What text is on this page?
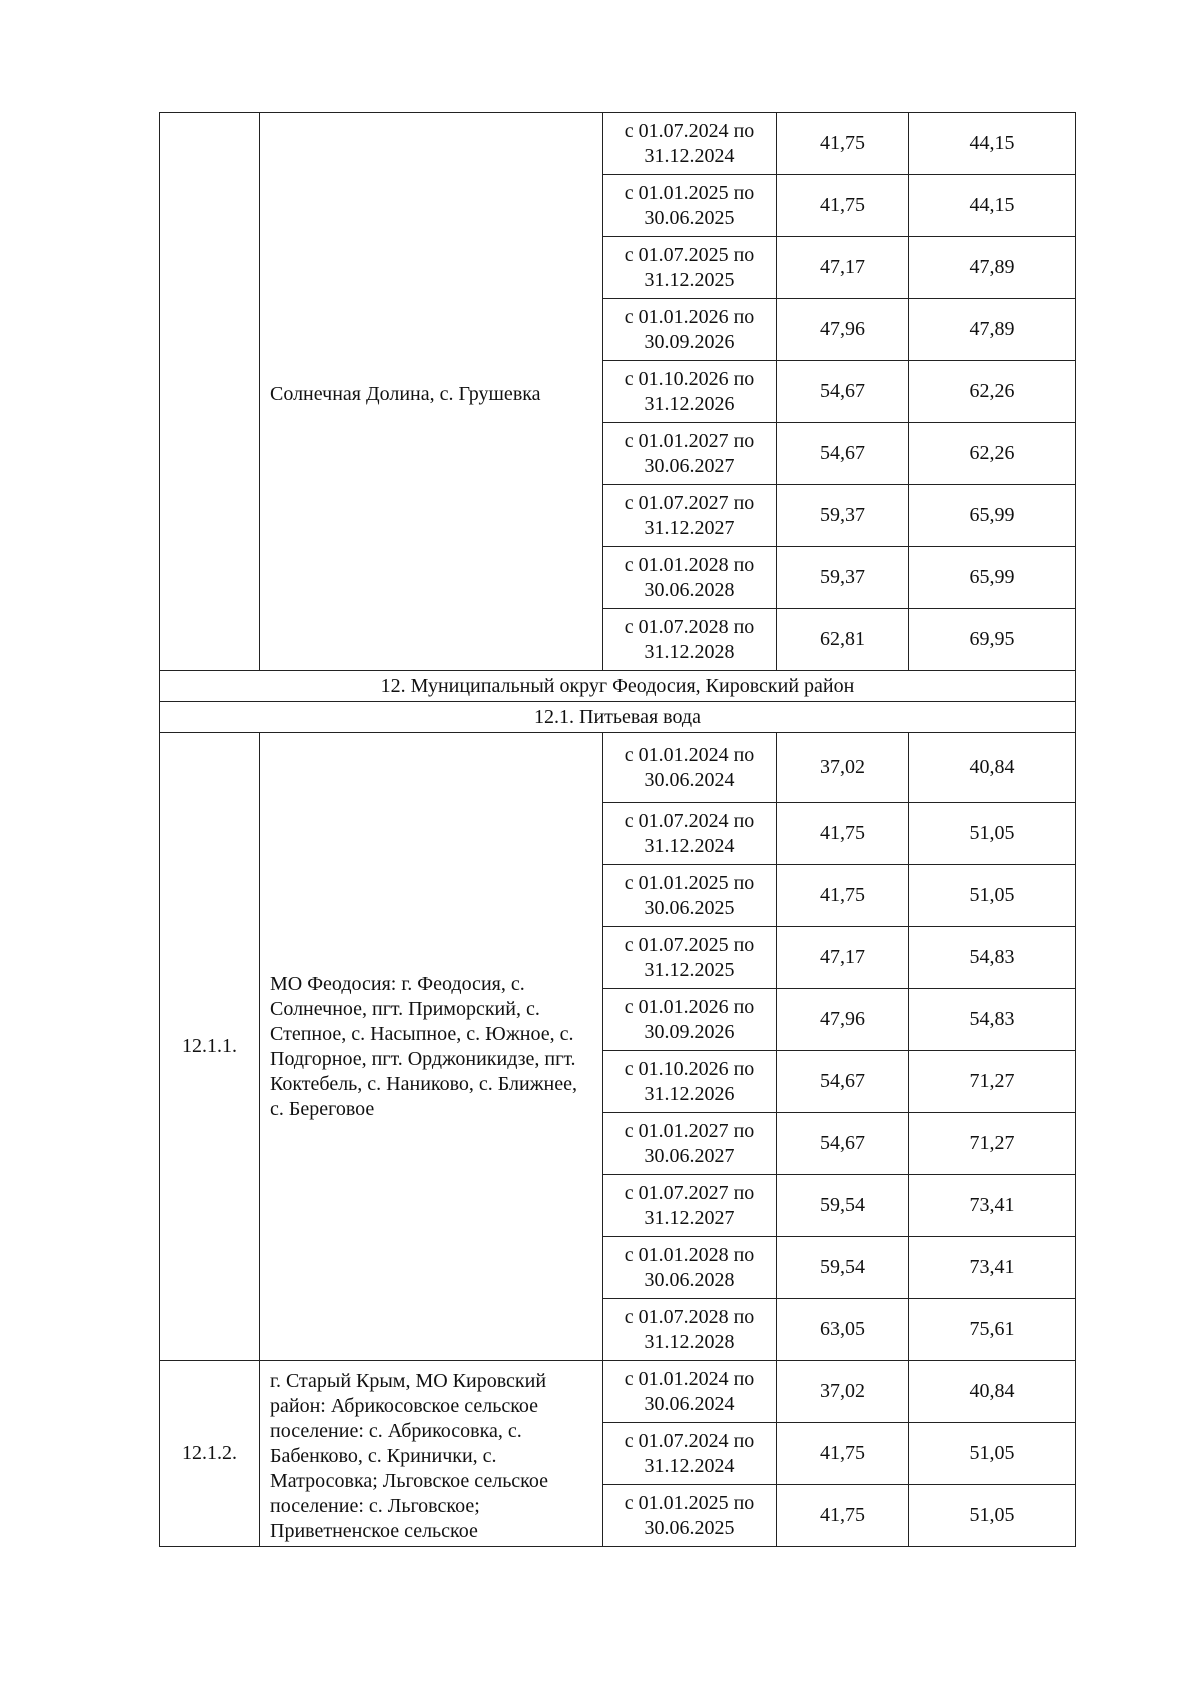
	Солнечная Долина, с. Грушевка	с 01.07.2024 по
31.12.2024	41,75	44,15

		с 01.01.2025 по
30.06.2025	41,75	44,15

		с 01.07.2025 по
31.12.2025	47,17	47,89

		с 01.01.2026 по
30.09.2026	47,96	47,89

		с 01.10.2026 по
31.12.2026	54,67	62,26

		с 01.01.2027 по
30.06.2027	54,67	62,26

		с 01.07.2027 по
31.12.2027	59,37	65,99

		с 01.01.2028 по
30.06.2028	59,37	65,99

		с 01.07.2028 по
31.12.2028	62,81	69,95
12. Муниципальный округ Феодосия, Кировский район				
12.1. Питьевая вода				
12.1.1.	МО Феодосия: г. Феодосия, с. Солнечное, пгт. Приморский, с. Степное, с. Насыпное, с. Южное, с. Подгорное, пгт. Орджоникидзе, пгт. Коктебель, с. Наниково, с. Ближнее, с. Береговое	с 01.01.2024 по
30.06.2024	37,02	40,84

		с 01.07.2024 по
31.12.2024	41,75	51,05

		с 01.01.2025 по
30.06.2025	41,75	51,05

		с 01.07.2025 по
31.12.2025	47,17	54,83

		с 01.01.2026 по
30.09.2026	47,96	54,83

		с 01.10.2026 по
31.12.2026	54,67	71,27

		с 01.01.2027 по
30.06.2027	54,67	71,27

		с 01.07.2027 по
31.12.2027	59,54	73,41

		с 01.01.2028 по
30.06.2028	59,54	73,41

		с 01.07.2028 по
31.12.2028	63,05	75,61
12.1.2.	г. Старый Крым, МО Кировский район: Абрикосовское сельское поселение: с. Абрикосовка, с. Бабенково, с. Кринички, с. Матросовка; Льговское сельское поселение: с. Льговское; Приветненское сельское	с 01.01.2024 по
30.06.2024	37,02	40,84

		с 01.07.2024 по
31.12.2024	41,75	51,05

		с 01.01.2025 по
30.06.2025	41,75	51,05
